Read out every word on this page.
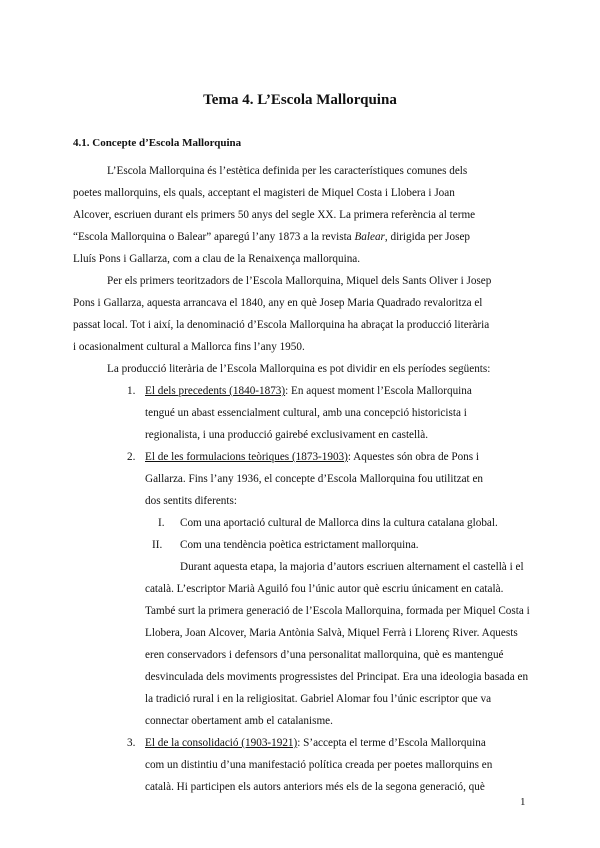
Tema 4. L’Escola Mallorquina
4.1. Concepte d’Escola Mallorquina
L’Escola Mallorquina és l’estètica definida per les característiques comunes dels
poetes mallorquins, els quals, acceptant el magisteri de Miquel Costa i Llobera i Joan
Alcover, escriuen durant els primers 50 anys del segle XX. La primera referència al terme
“Escola Mallorquina o Balear” aparegú l’any 1873 a la revista Balear, dirigida per Josep
Lluís Pons i Gallarza, com a clau de la Renaixença mallorquina.
Per els primers teoritzadors de l’Escola Mallorquina, Miquel dels Sants Oliver i Josep
Pons i Gallarza, aquesta arrancava el 1840, any en què Josep Maria Quadrado revaloritza el
passat local. Tot i així, la denominació d’Escola Mallorquina ha abraçat la producció literària
i ocasionalment cultural a Mallorca fins l’any 1950.
La producció literària de l’Escola Mallorquina es pot dividir en els períodes següents:
1. El dels precedents (1840-1873): En aquest moment l’Escola Mallorquina
tengué un abast essencialment cultural, amb una concepció historicista i
regionalista, i una producció gairebé exclusivament en castellà.
2. El de les formulacions teòriques (1873-1903): Aquestes són obra de Pons i
Gallarza. Fins l’any 1936, el concepte d’Escola Mallorquina fou utilitzat en
dos sentits diferents:
I. Com una aportació cultural de Mallorca dins la cultura catalana global.
II. Com una tendència poètica estrictament mallorquina.
Durant aquesta etapa, la majoria d’autors escriuen alternament el castellà i el
català. L’escriptor Marià Aguiló fou l’únic autor què escriu únicament en català.
També surt la primera generació de l’Escola Mallorquina, formada per Miquel Costa i
Llobera, Joan Alcover, Maria Antònia Salvà, Miquel Ferrà i Llorenç River. Aquests
eren conservadors i defensors d’una personalitat mallorquina, què es mantengué
desvinculada dels moviments progressistes del Principat. Era una ideologia basada en
la tradició rural i en la religiositat. Gabriel Alomar fou l’únic escriptor que va
connectar obertament amb el catalanisme.
3. El de la consolidació (1903-1921): S’accepta el terme d’Escola Mallorquina
com un distintiu d’una manifestació política creada per poetes mallorquins en
català. Hi participen els autors anteriors més els de la segona generació, què
1
